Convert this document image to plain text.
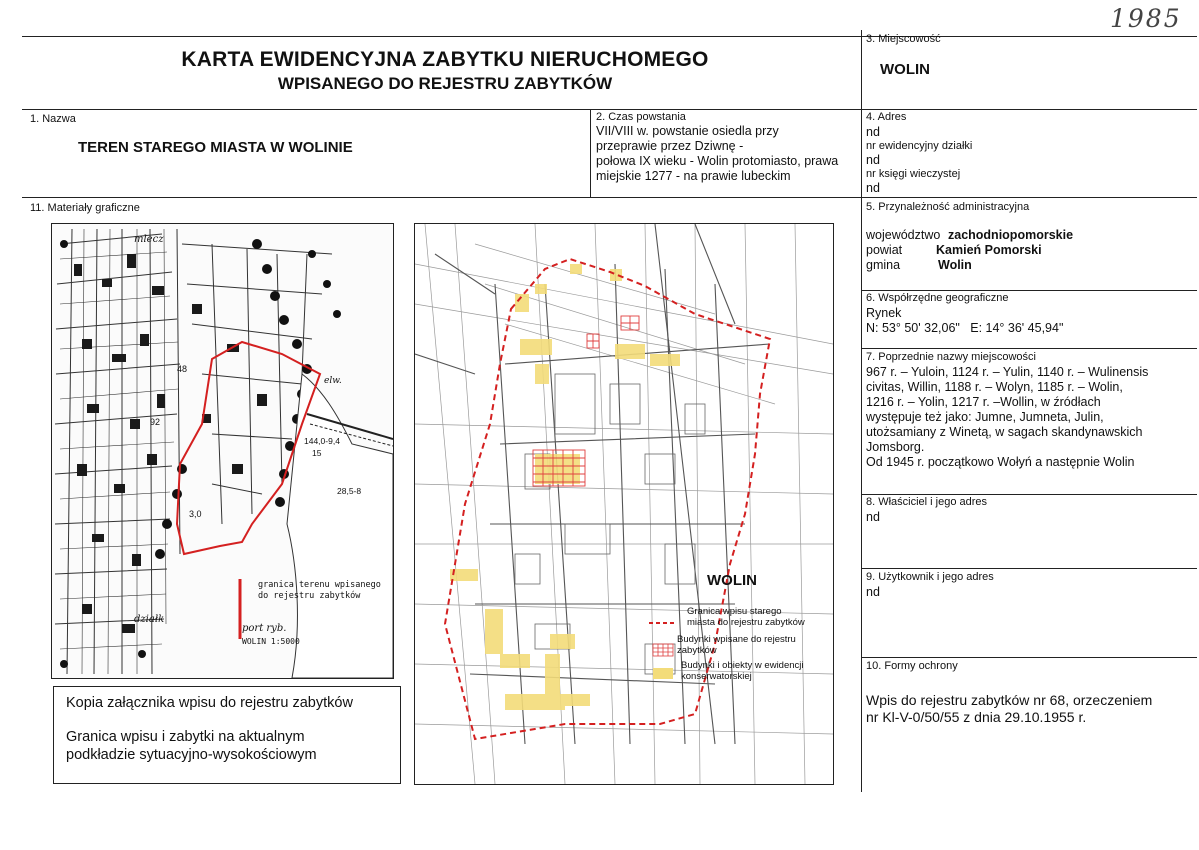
1985
KARTA EWIDENCYJNA ZABYTKU NIERUCHOMEGO
WPISANEGO DO REJESTRU ZABYTKÓW
3. Miejscowość
WOLIN
1. Nazwa
TEREN STAREGO MIASTA W WOLINIE
2. Czas powstania
VII/VIII w. powstanie osiedla przy
przeprawie przez Dziwnę -
połowa IX wieku - Wolin protomiasto, prawa
miejskie 1277 - na prawie lubeckim
4. Adres
nd
nr ewidencyjny działki
nd
nr księgi wieczystej
nd
11. Materiały graficzne	5. Przynależność administracyjna
województwo zachodniopomorskie
powiat	Kamień Pomorski
gmina	Wolin
6. Współrzędne geograficzne
Rynek
N: 53° 50' 32,06"   E: 14° 36' 45,94"
7. Poprzednie nazwy miejscowości
967 r. – Yuloin, 1124 r. – Yulin, 1140 r. – Wulinensis
civitas, Willin, 1188 r. – Wolyn, 1185 r. – Wolin,
1216 r. – Yolin, 1217 r. –Wollin, w źródłach
występuje też jako: Jumne, Jumneta, Julin,
utożsamiany z Winetą, w sagach skandynawskich
Jomsborg.
Od 1945 r. początkowo Wołyń a następnie Wolin
8. Właściciel i jego adres
nd
9. Użytkownik i jego adres
nd
10. Formy ochrony
Wpis do rejestru zabytków nr 68, orzeczeniem
nr Kl-V-0/50/55 z dnia 29.10.1955 r.
granica terenu wpisanego
do rejestru zabytków
port ryb.
WOLIN 1:5000
mlecz
działk
elw.
144,0-9,4
15
48
92
3,0
28,5-8
Kopia załącznika wpisu do rejestru zabytków
Granica wpisu i zabytki na aktualnym
podkładzie sytuacyjno-wysokościowym
WOLIN
Granica wpisu starego
miasta do rejestru zabytków
Budynki wpisane do rejestru
zabytków
Budynki i obiekty w ewidencji
konserwatorskiej
